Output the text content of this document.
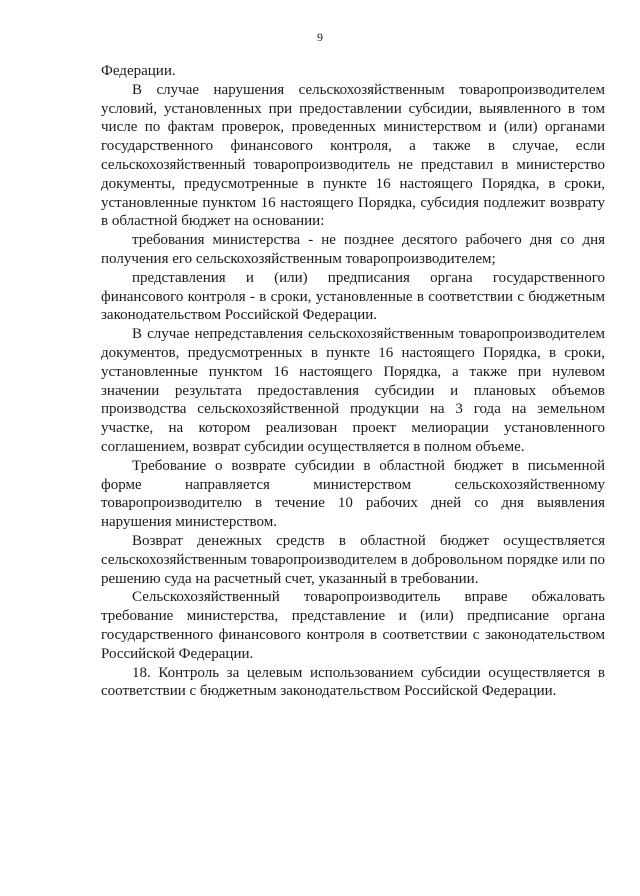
9

Федерации.

В случае нарушения сельскохозяйственным товаропроизводителем условий, установленных при предоставлении субсидии, выявленного в том числе по фактам проверок, проведенных министерством и (или) органами государственного финансового контроля, а также в случае, если сельскохозяйственный товаропроизводитель не представил в министерство документы, предусмотренные в пункте 16 настоящего Порядка, в сроки, установленные пунктом 16 настоящего Порядка, субсидия подлежит возврату в областной бюджет на основании:

требования министерства - не позднее десятого рабочего дня со дня получения его сельскохозяйственным товаропроизводителем;

представления и (или) предписания органа государственного финансового контроля - в сроки, установленные в соответствии с бюджетным законодательством Российской Федерации.

В случае непредставления сельскохозяйственным товаропроизводителем документов, предусмотренных в пункте 16 настоящего Порядка, в сроки, установленные пунктом 16 настоящего Порядка, а также при нулевом значении результата предоставления субсидии и плановых объемов производства сельскохозяйственной продукции на 3 года на земельном участке, на котором реализован проект мелиорации установленного соглашением, возврат субсидии осуществляется в полном объеме.

Требование о возврате субсидии в областной бюджет в письменной форме направляется министерством сельскохозяйственному товаропроизводителю в течение 10 рабочих дней со дня выявления нарушения министерством.

Возврат денежных средств в областной бюджет осуществляется сельскохозяйственным товаропроизводителем в добровольном порядке или по решению суда на расчетный счет, указанный в требовании.

Сельскохозяйственный товаропроизводитель вправе обжаловать требование министерства, представление и (или) предписание органа государственного финансового контроля в соответствии с законодательством Российской Федерации.

18. Контроль за целевым использованием субсидии осуществляется в соответствии с бюджетным законодательством Российской Федерации.
